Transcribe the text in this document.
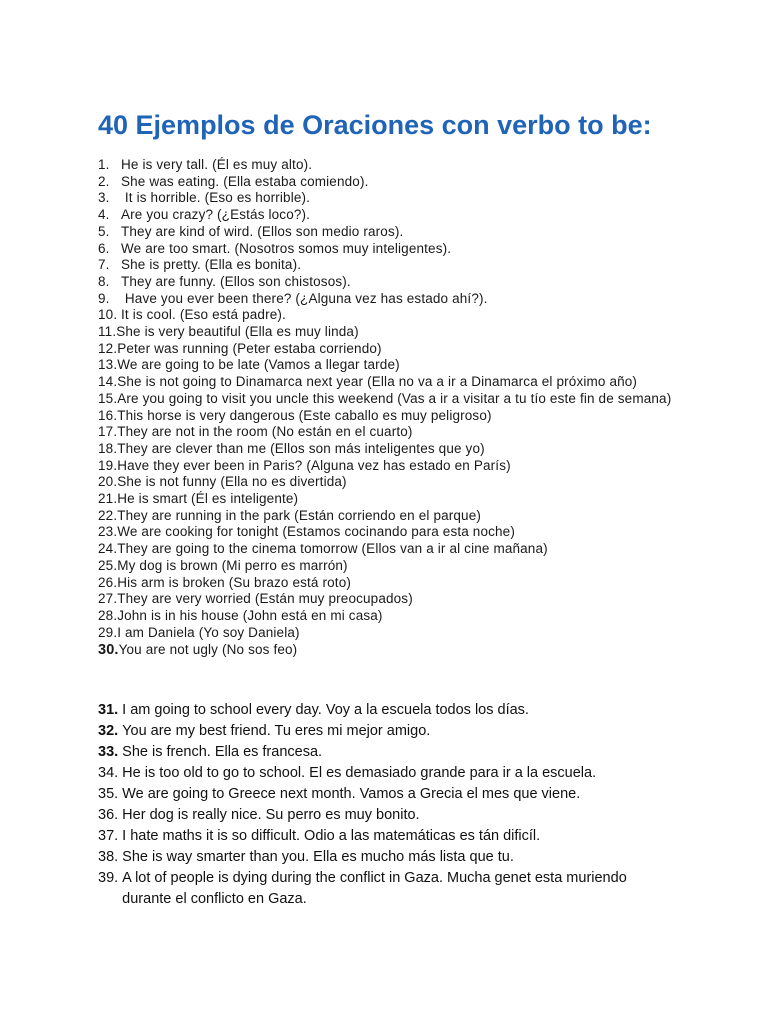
40 Ejemplos de Oraciones con verbo to be:
1. He is very tall. (Él es muy alto).
2. She was eating. (Ella estaba comiendo).
3. It is horrible. (Eso es horrible).
4. Are you crazy? (¿Estás loco?).
5. They are kind of wird. (Ellos son medio raros).
6. We are too smart. (Nosotros somos muy inteligentes).
7. She is pretty. (Ella es bonita).
8. They are funny. (Ellos son chistosos).
9. Have you ever been there? (¿Alguna vez has estado ahí?).
10. It is cool. (Eso está padre).
11. She is very beautiful (Ella es muy linda)
12. Peter was running (Peter estaba corriendo)
13. We are going to be late (Vamos a llegar tarde)
14. She is not going to Dinamarca next year (Ella no va a ir a Dinamarca el próximo año)
15. Are you going to visit you uncle this weekend (Vas a ir a visitar a tu tío este fin de semana)
16. This horse is very dangerous (Este caballo es muy peligroso)
17. They are not in the room (No están en el cuarto)
18. They are clever than me (Ellos son más inteligentes que yo)
19. Have they ever been in Paris? (Alguna vez has estado en París)
20. She is not funny (Ella no es divertida)
21. He is smart (Él es inteligente)
22. They are running in the park (Están corriendo en el parque)
23. We are cooking for tonight (Estamos cocinando para esta noche)
24. They are going to the cinema tomorrow (Ellos van a ir al cine mañana)
25. My dog is brown (Mi perro es marrón)
26. His arm is broken (Su brazo está roto)
27. They are very worried (Están muy preocupados)
28. John is in his house (John está en mi casa)
29. I am Daniela (Yo soy Daniela)
30. You are not ugly (No sos feo)
31. I am going to school every day. Voy a la escuela todos los días.
32. You are my best friend. Tu eres mi mejor amigo.
33. She is french. Ella es francesa.
34. He is too old to go to school. El es demasiado grande para ir a la escuela.
35. We are going to Greece next month. Vamos a Grecia el mes que viene.
36. Her dog is really nice. Su perro es muy bonito.
37. I hate maths it is so difficult. Odio a las matemáticas es tán dificíl.
38. She is way smarter than you. Ella es mucho más lista que tu.
39. A lot of people is dying during the conflict in Gaza. Mucha genet esta muriendo durante el conflicto en Gaza.
